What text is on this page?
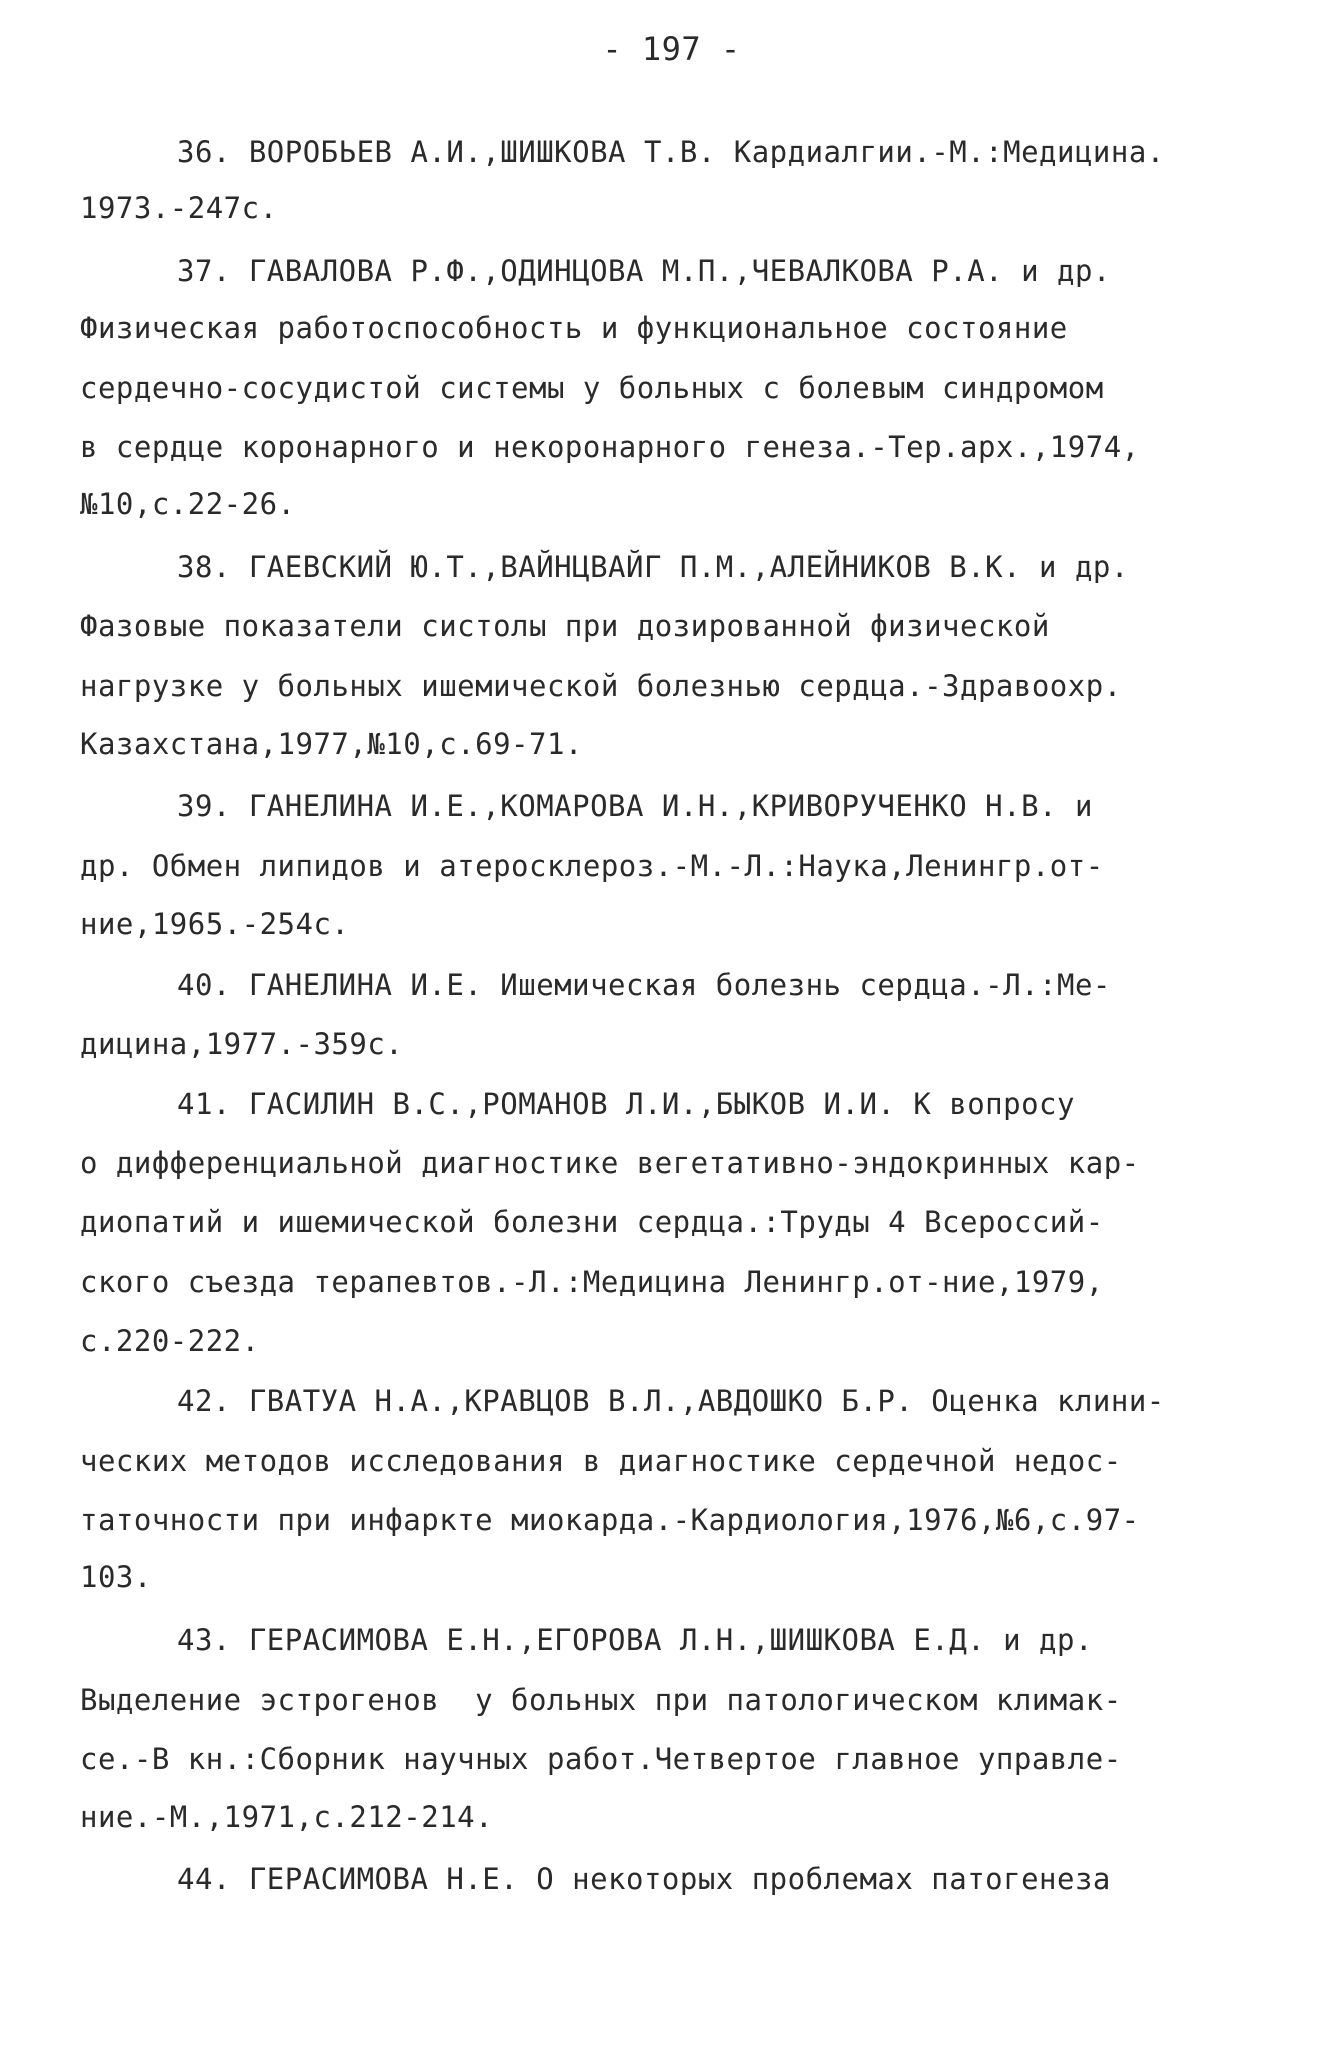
- 197 -
36. ВОРОБЬЕВ А.И.,ШИШКОВА Т.В. Кардиалгии.-М.:Медицина.
1973.-247с.
37. ГАВАЛОВА Р.Ф.,ОДИНЦОВА М.П.,ЧЕВАЛКОВА Р.А. и др.
Физическая работоспособность и функциональное состояние
сердечно-сосудистой системы у больных с болевым синдромом
в сердце коронарного и некоронарного генеза.-Тер.арх.,1974,
№10,с.22-26.
38. ГАЕВСКИЙ Ю.Т.,ВАЙНЦВАЙГ П.М.,АЛЕЙНИКОВ В.К. и др.
Фазовые показатели систолы при дозированной физической
нагрузке у больных ишемической болезнью сердца.-Здравоохр.
Казахстана,1977,№10,с.69-71.
39. ГАНЕЛИНА И.Е.,КОМАРОВА И.Н.,КРИВОРУЧЕНКО Н.В. и
др. Обмен липидов и атеросклероз.-М.-Л.:Наука,Ленингр.от-
ние,1965.-254с.
40. ГАНЕЛИНА И.Е. Ишемическая болезнь сердца.-Л.:Ме-
дицина,1977.-359с.
41. ГАСИЛИН В.С.,РОМАНОВ Л.И.,БЫКОВ И.И. К вопросу
о дифференциальной диагностике вегетативно-эндокринных кар-
диопатий и ишемической болезни сердца.:Труды 4 Всероссий-
ского съезда терапевтов.-Л.:Медицина Ленингр.от-ние,1979,
с.220-222.
42. ГВАТУА Н.А.,КРАВЦОВ В.Л.,АВДОШКО Б.Р. Оценка клини-
ческих методов исследования в диагностике сердечной недос-
таточности при инфаркте миокарда.-Кардиология,1976,№6,с.97-
103.
43. ГЕРАСИМОВА Е.Н.,ЕГОРОВА Л.Н.,ШИШКОВА Е.Д. и др.
Выделение эстрогенов  у больных при патологическом климак-
се.-В кн.:Сборник научных работ.Четвертое главное управле-
ние.-М.,1971,с.212-214.
44. ГЕРАСИМОВА Н.Е. О некоторых проблемах патогенеза
